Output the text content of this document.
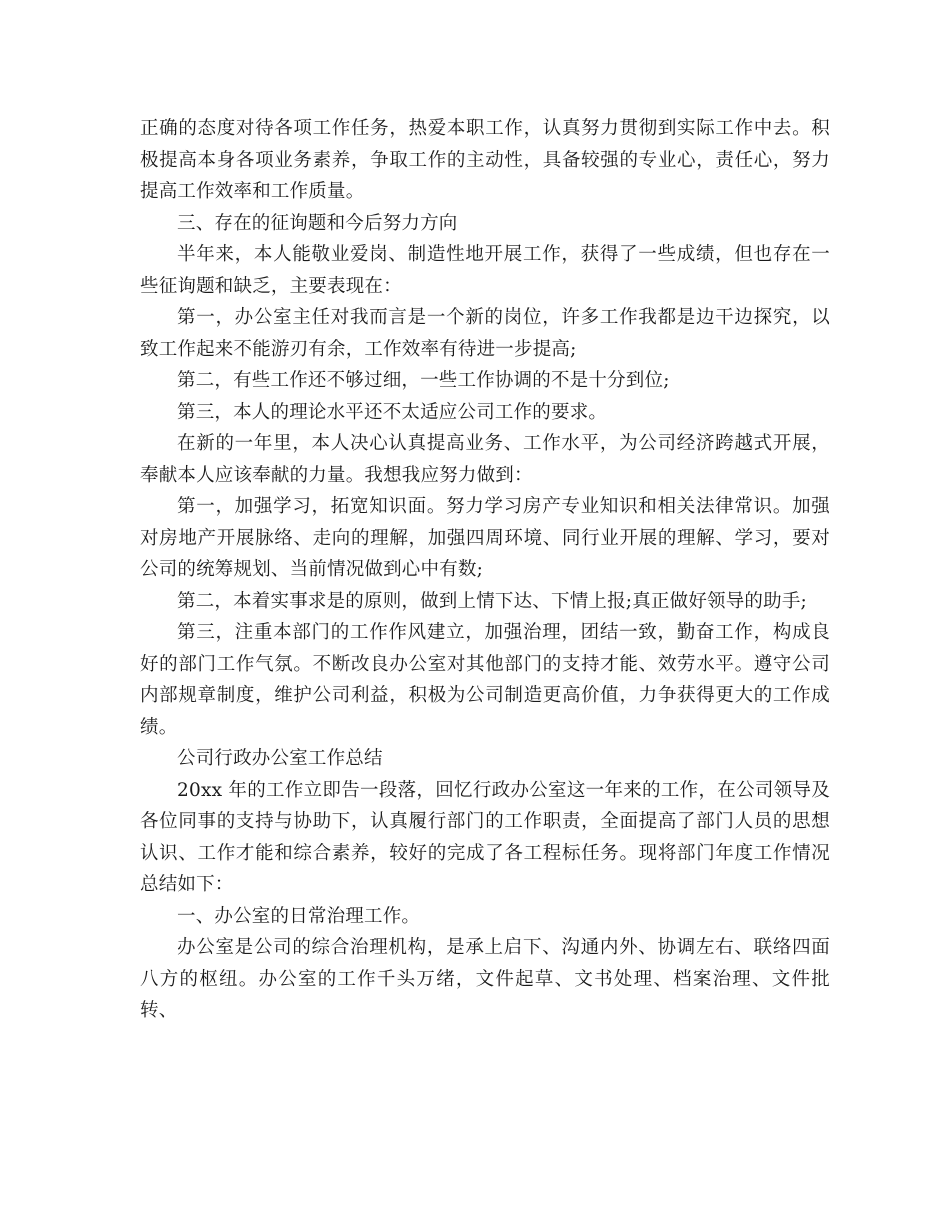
正确的态度对待各项工作任务，热爱本职工作，认真努力贯彻到实际工作中去。积极提高本身各项业务素养，争取工作的主动性，具备较强的专业心，责任心，努力提高工作效率和工作质量。

三、存在的征询题和今后努力方向

半年来，本人能敬业爱岗、制造性地开展工作，获得了一些成绩，但也存在一些征询题和缺乏，主要表现在：

第一，办公室主任对我而言是一个新的岗位，许多工作我都是边干边探究，以致工作起来不能游刃有余，工作效率有待进一步提高;

第二，有些工作还不够过细，一些工作协调的不是十分到位;

第三，本人的理论水平还不太适应公司工作的要求。

在新的一年里，本人决心认真提高业务、工作水平，为公司经济跨越式开展，奉献本人应该奉献的力量。我想我应努力做到：

第一，加强学习，拓宽知识面。努力学习房产专业知识和相关法律常识。加强对房地产开展脉络、走向的理解，加强四周环境、同行业开展的理解、学习，要对公司的统筹规划、当前情况做到心中有数;

第二，本着实事求是的原则，做到上情下达、下情上报;真正做好领导的助手;

第三，注重本部门的工作作风建立，加强治理，团结一致，勤奋工作，构成良好的部门工作气氛。不断改良办公室对其他部门的支持才能、效劳水平。遵守公司内部规章制度，维护公司利益，积极为公司制造更高价值，力争获得更大的工作成绩。

公司行政办公室工作总结

20xx 年的工作立即告一段落，回忆行政办公室这一年来的工作，在公司领导及各位同事的支持与协助下，认真履行部门的工作职责，全面提高了部门人员的思想认识、工作才能和综合素养，较好的完成了各工程标任务。现将部门年度工作情况总结如下：

一、办公室的日常治理工作。

办公室是公司的综合治理机构，是承上启下、沟通内外、协调左右、联络四面八方的枢纽。办公室的工作千头万绪，文件起草、文书处理、档案治理、文件批转、
